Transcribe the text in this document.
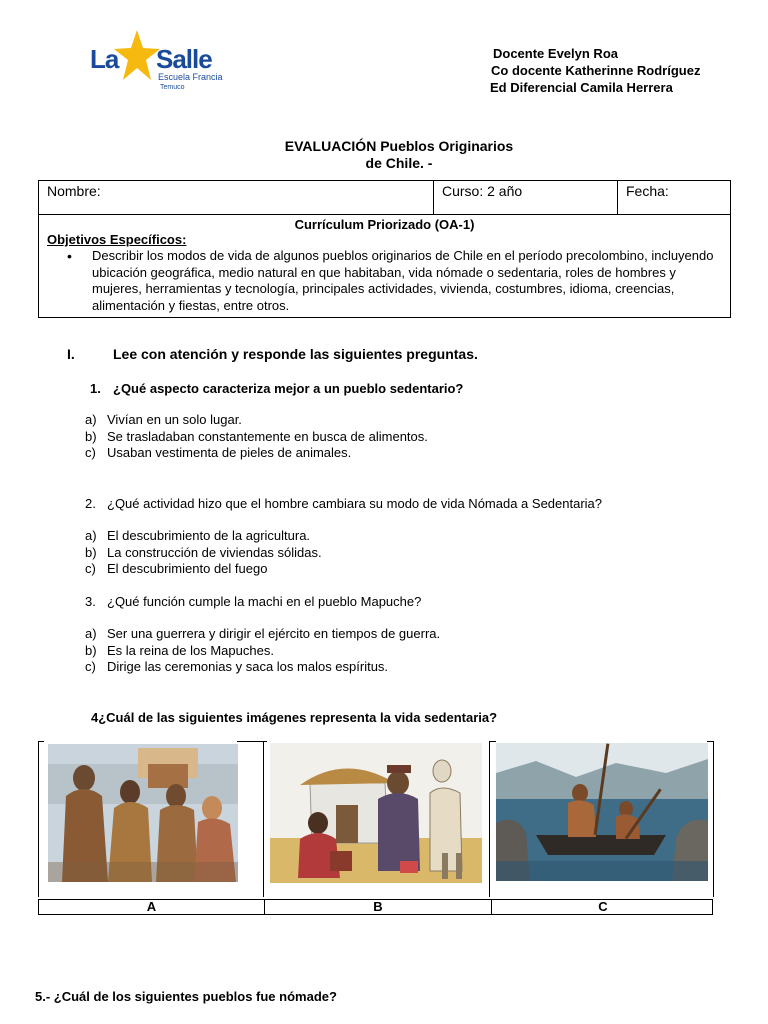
La Salle
Escuela Francia
Temuco
Docente Evelyn Roa
Co docente Katherinne Rodríguez
Ed Diferencial Camila Herrera
EVALUACIÓN Pueblos Originarios
de Chile. -
Nombre:	Curso: 2 año	Fecha:

Currículum Priorizado (OA-1)
Objetivos Específicos:
•	Describir los modos de vida de algunos pueblos originarios de Chile en el período precolombino, incluyendo ubicación geográfica, medio natural en que habitaban, vida nómade o sedentaria, roles de hombres y mujeres, herramientas y tecnología, principales actividades, vivienda, costumbres, idioma, creencias, alimentación y fiestas, entre otros.
I.	Lee con atención y responde las siguientes preguntas.
1. ¿Qué aspecto caracteriza mejor a un pueblo sedentario?
a) Vivían en un solo lugar.
b) Se trasladaban constantemente en busca de alimentos.
c) Usaban vestimenta de pieles de animales.
2. ¿Qué actividad hizo que el hombre cambiara su modo de vida Nómada a Sedentaria?
a) El descubrimiento de la agricultura.
b) La construcción de viviendas sólidas.
c) El descubrimiento del fuego
3. ¿Qué función cumple la machi en el pueblo Mapuche?
a) Ser una guerrera y dirigir el ejército en tiempos de guerra.
b) Es la reina de los Mapuches.
c) Dirige las ceremonias y saca los malos espíritus.
4¿Cuál de las siguientes imágenes representa la vida sedentaria?
A	B	C
5.- ¿Cuál de los siguientes pueblos fue nómade?
